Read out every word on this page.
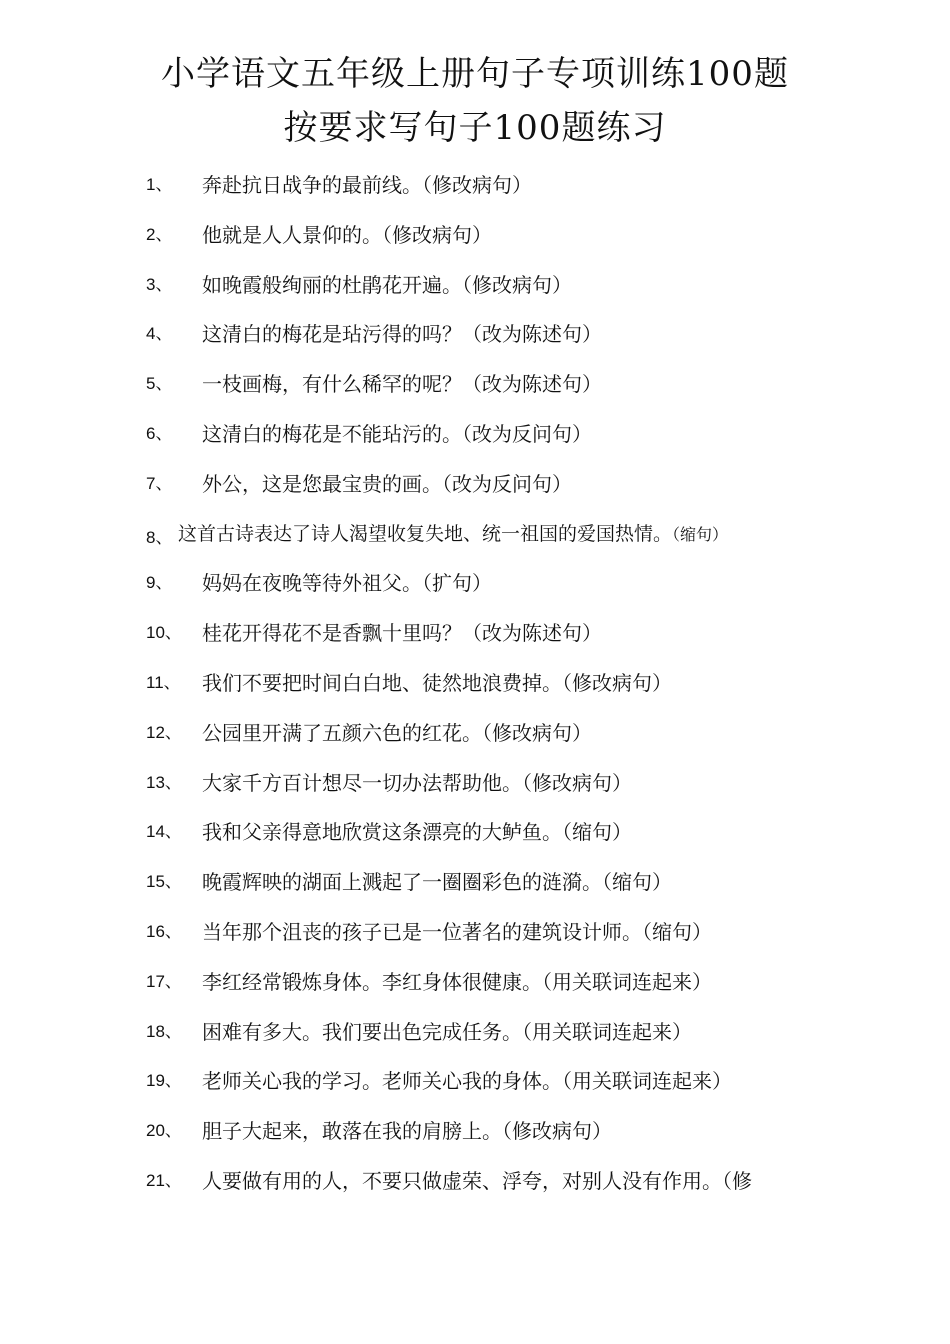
小学语文五年级上册句子专项训练100题
按要求写句子100题练习
1、 奔赴抗日战争的最前线。（修改病句）
2、 他就是人人景仰的。（修改病句）
3、 如晚霞般绚丽的杜鹃花开遍。（修改病句）
4、 这清白的梅花是玷污得的吗？（改为陈述句）
5、 一枝画梅，有什么稀罕的呢？（改为陈述句）
6、 这清白的梅花是不能玷污的。（改为反问句）
7、 外公，这是您最宝贵的画。（改为反问句）
8、 这首古诗表达了诗人渴望收复失地、统一祖国的爱国热情。（缩句）
9、 妈妈在夜晚等待外祖父。（扩句）
10、 桂花开得花不是香飘十里吗？（改为陈述句）
11、 我们不要把时间白白地、徒然地浪费掉。（修改病句）
12、 公园里开满了五颜六色的红花。（修改病句）
13、 大家千方百计想尽一切办法帮助他。（修改病句）
14、 我和父亲得意地欣赏这条漂亮的大鲈鱼。（缩句）
15、 晚霞辉映的湖面上溅起了一圈圈彩色的涟漪。（缩句）
16、 当年那个沮丧的孩子已是一位著名的建筑设计师。（缩句）
17、 李红经常锻炼身体。李红身体很健康。（用关联词连起来）
18、 困难有多大。我们要出色完成任务。（用关联词连起来）
19、 老师关心我的学习。老师关心我的身体。（用关联词连起来）
20、 胆子大起来，敢落在我的肩膀上。（修改病句）
21、 人要做有用的人，不要只做虚荣、浮夸，对别人没有作用。（修
